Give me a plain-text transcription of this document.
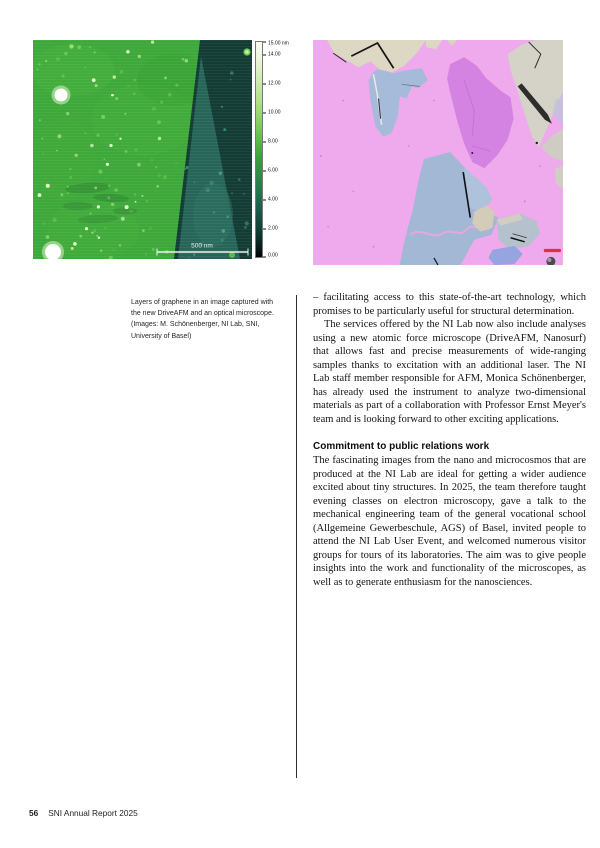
500 nm
15.00 nm
14.00
12.00
10.00
8.00
6.00
4.00
2.00
0.00
Layers of graphene in an image captured with the new DriveAFM and an optical microscope. (Images: M. Schönenberger, NI Lab, SNI, University of Basel)

– facilitating access to this state-of-the-art technology, which promises to be particularly useful for structural determination.

The services offered by the NI Lab now also include analyses using a new atomic force microscope (DriveAFM, Nanosurf) that allows fast and precise measurements of wide-ranging samples thanks to excitation with an additional laser. The NI Lab staff member responsible for AFM, Monica Schönenberger, has already used the instrument to analyze two-dimensional materials as part of a collaboration with Professor Ernst Meyer's team and is looking forward to other exciting applications.

Commitment to public relations work

The fascinating images from the nano and microcosmos that are produced at the NI Lab are ideal for getting a wider audience excited about tiny structures. In 2025, the team therefore taught evening classes on electron microscopy, gave a talk to the mechanical engineering team of the general vocational school (Allgemeine Gewerbeschule, AGS) of Basel, invited people to attend the NI Lab User Event, and welcomed numerous visitor groups for tours of its laboratories. The aim was to give people insights into the work and functionality of the microscopes, as well as to generate enthusiasm for the nanosciences.

56 SNI Annual Report 2025
